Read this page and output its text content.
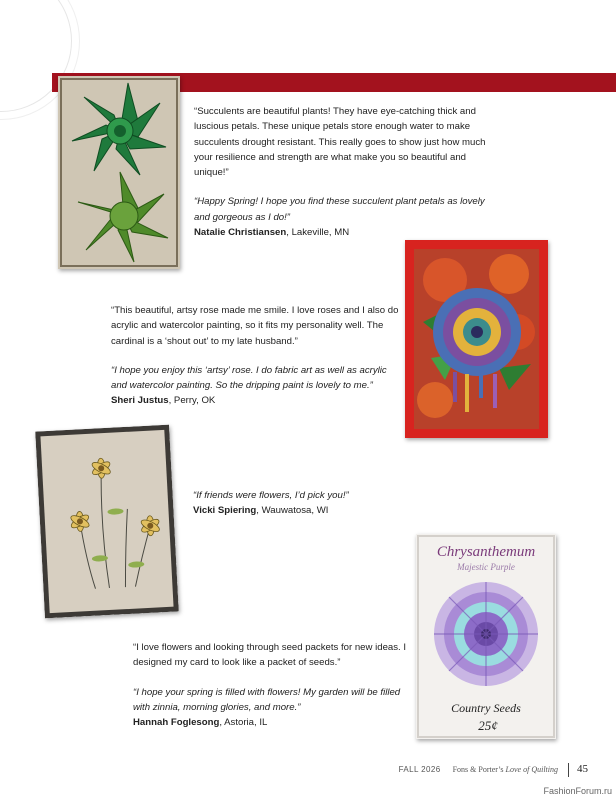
“Succulents are beautiful plants! They have eye-catching thick and luscious petals. These unique petals store enough water to make succulents drought resistant. This really goes to show just how much your resilience and strength are what make you so beautiful and unique!”

“Happy Spring! I hope you find these succulent plant petals as lovely and gorgeous as I do!”

Natalie Christiansen, Lakeville, MN

“This beautiful, artsy rose made me smile. I love roses and I also do acrylic and watercolor painting, so it fits my personality well. The cardinal is a ‘shout out’ to my late husband.”

“I hope you enjoy this ‘artsy’ rose. I do fabric art as well as acrylic and watercolor painting. So the dripping paint is lovely to me.”

Sheri Justus, Perry, OK

“If friends were flowers, I’d pick you!”

Vicki Spiering, Wauwatosa, WI

Chrysanthemum
Majestic Purple
Country Seeds
25¢

“I love flowers and looking through seed packets for new ideas. I designed my card to look like a packet of seeds.”

“I hope your spring is filled with flowers! My garden will be filled with zinnia, morning glories, and more.”

Hannah Foglesong, Astoria, IL

FALL 2026 Fons & Porter’s Love of Quilting 45
FashionForum.ru
